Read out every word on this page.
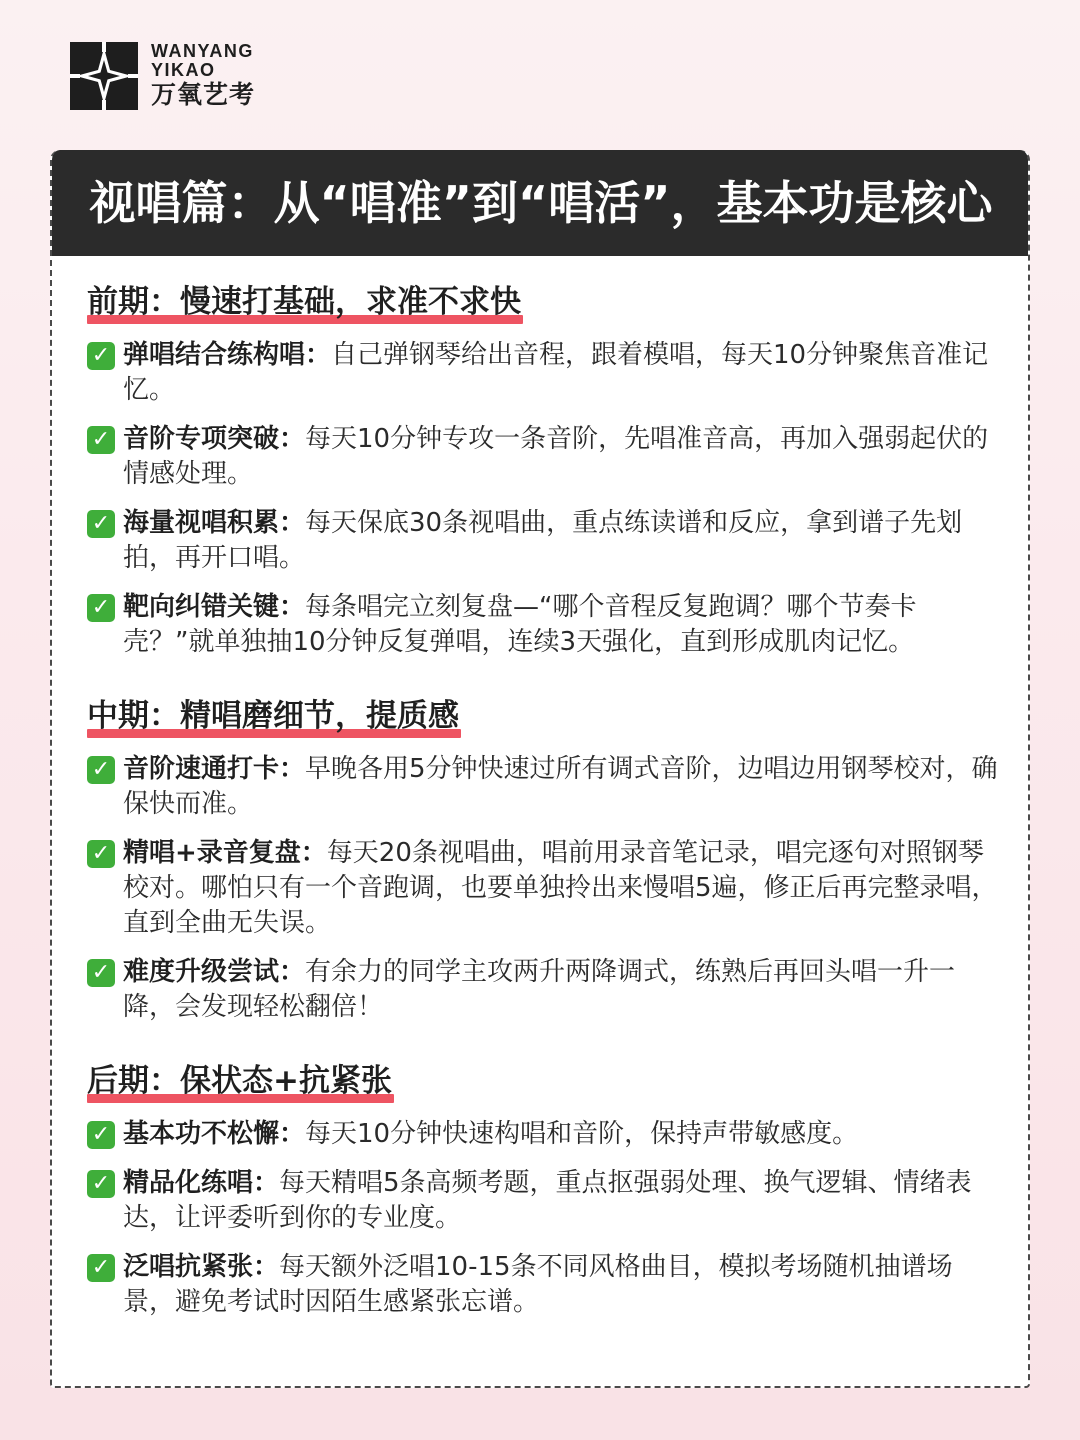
WANYANG
YIKAO
万氧艺考
视唱篇：从“唱准”到“唱活”，基本功是核心
前期：慢速打基础，求准不求快
✓ 弹唱结合练构唱：自己弹钢琴给出音程，跟着模唱，每天10分钟聚焦音准记忆。
✓ 音阶专项突破：每天10分钟专攻一条音阶，先唱准音高，再加入强弱起伏的情感处理。
✓ 海量视唱积累：每天保底30条视唱曲，重点练读谱和反应，拿到谱子先划拍，再开口唱。
✓ 靶向纠错关键：每条唱完立刻复盘—“哪个音程反复跑调？哪个节奏卡壳？”就单独抽10分钟反复弹唱，连续3天强化，直到形成肌肉记忆。
中期：精唱磨细节，提质感
✓ 音阶速通打卡：早晚各用5分钟快速过所有调式音阶，边唱边用钢琴校对，确保快而准。
✓ 精唱+录音复盘：每天20条视唱曲，唱前用录音笔记录，唱完逐句对照钢琴校对。哪怕只有一个音跑调，也要单独拎出来慢唱5遍，修正后再完整录唱，直到全曲无失误。
✓ 难度升级尝试：有余力的同学主攻两升两降调式，练熟后再回头唱一升一降，会发现轻松翻倍！
后期：保状态+抗紧张
✓ 基本功不松懈：每天10分钟快速构唱和音阶，保持声带敏感度。
✓ 精品化练唱：每天精唱5条高频考题，重点抠强弱处理、换气逻辑、情绪表达，让评委听到你的专业度。
✓ 泛唱抗紧张：每天额外泛唱10-15条不同风格曲目，模拟考场随机抽谱场景，避免考试时因陌生感紧张忘谱。
